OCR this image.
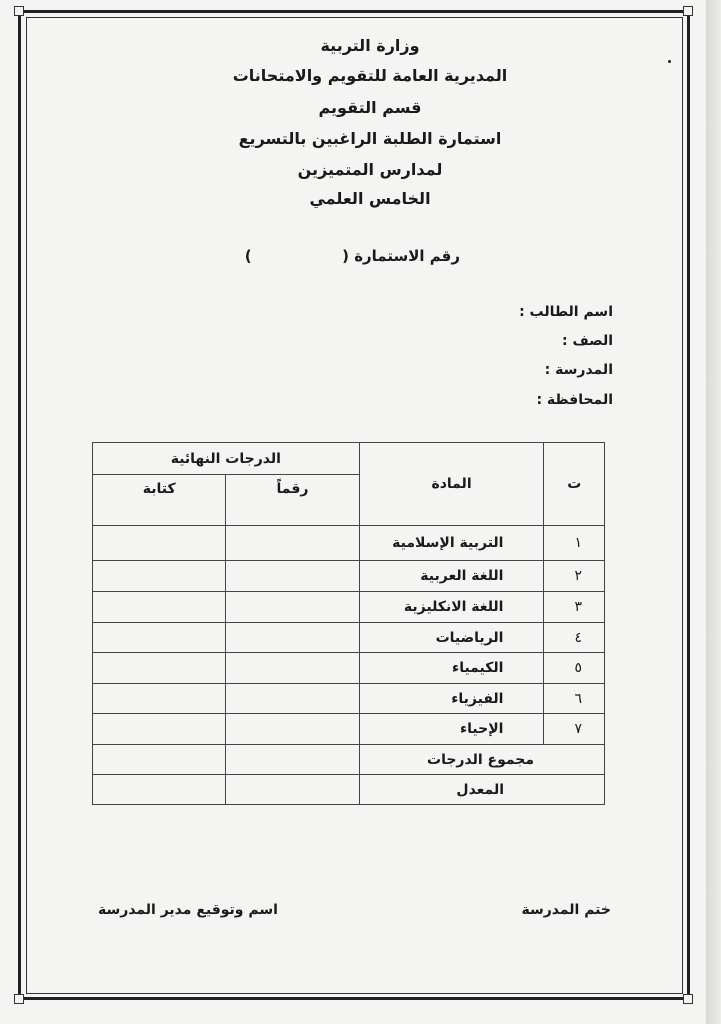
وزارة التربية
المديرية العامة للتقويم والامتحانات
قسم التقويم
استمارة الطلبة الراغبين بالتسريع
لمدارس المتميزين
الخامس العلمي
رقم الاستمارة (  )
اسم الطالب :
الصف :
المدرسة :
المحافظة :
ت	المادة	الدرجات النهائية	
		رقماً	كتابة
١	التربية الإسلامية		
٢	اللغة العربية		
٣	اللغة الانكليزية		
٤	الرياضيات		
٥	الكيمياء		
٦	الفيزياء		
٧	الإحياء		
مجموع الدرجات			
المعدل			
ختم المدرسة
اسم وتوقيع مدير المدرسة
